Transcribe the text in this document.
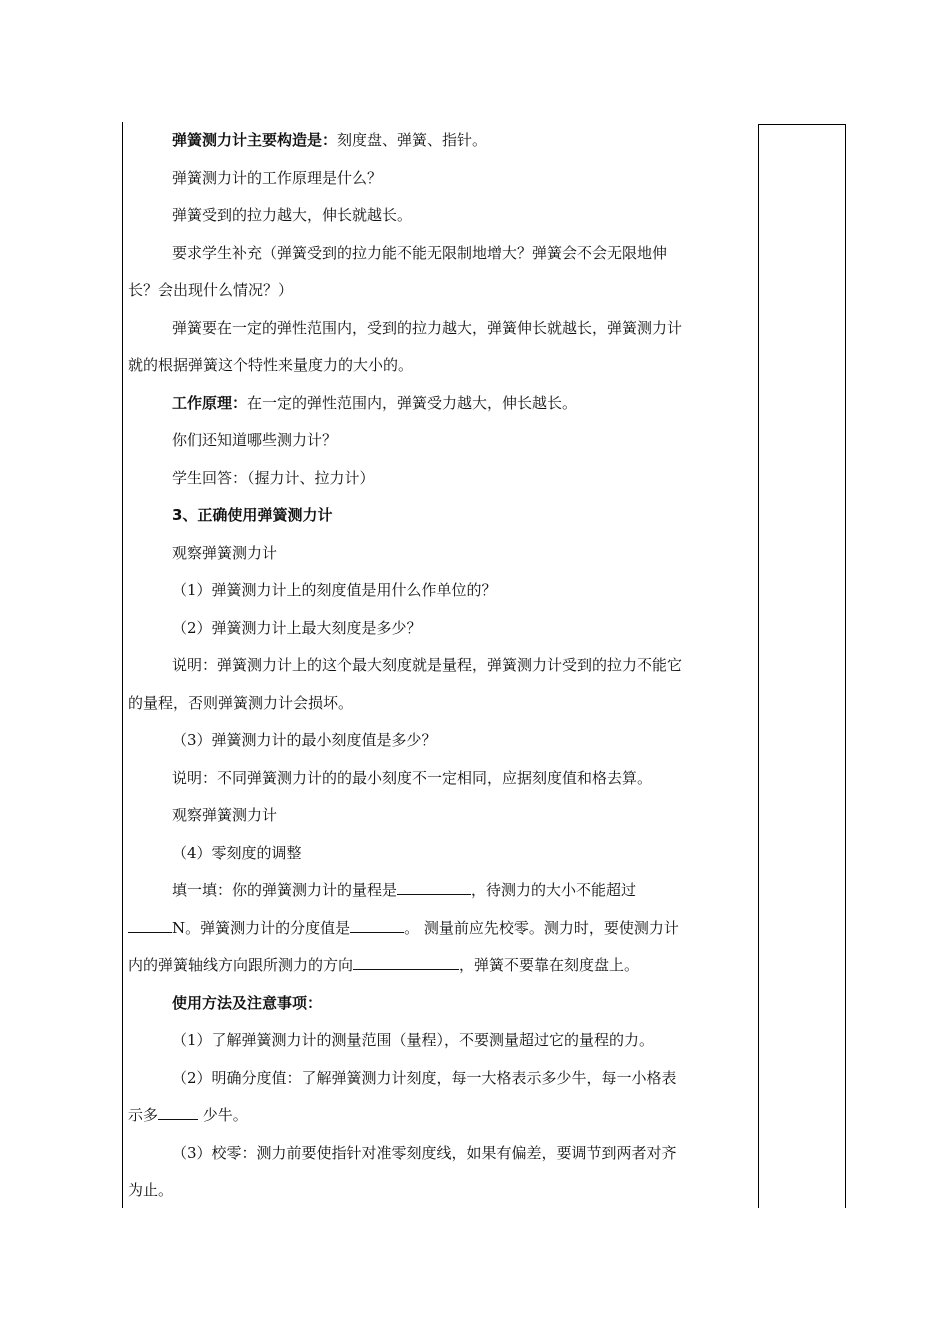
弹簧测力计主要构造是：刻度盘、弹簧、指针。

弹簧测力计的工作原理是什么？

弹簧受到的拉力越大，伸长就越长。

要求学生补充（弹簧受到的拉力能不能无限制地增大？弹簧会不会无限地伸

长？会出现什么情况？）

弹簧要在一定的弹性范围内，受到的拉力越大，弹簧伸长就越长，弹簧测力计

就的根据弹簧这个特性来量度力的大小的。

工作原理：在一定的弹性范围内，弹簧受力越大，伸长越长。

你们还知道哪些测力计？

学生回答：（握力计、拉力计）

3、正确使用弹簧测力计

观察弹簧测力计

（1）弹簧测力计上的刻度值是用什么作单位的？

（2）弹簧测力计上最大刻度是多少？

说明：弹簧测力计上的这个最大刻度就是量程，弹簧测力计受到的拉力不能它

的量程，否则弹簧测力计会损坏。

（3）弹簧测力计的最小刻度值是多少？

说明：不同弹簧测力计的的最小刻度不一定相同，应据刻度值和格去算。

观察弹簧测力计

（4）零刻度的调整

填一填：你的弹簧测力计的量程是	，待测力的大小不能超过

N。弹簧测力计的分度值是	。 测量前应先校零。测力时，要使测力计

内的弹簧轴线方向跟所测力的方向	，弹簧不要靠在刻度盘上。

使用方法及注意事项：

（1）了解弹簧测力计的测量范围（量程），不要测量超过它的量程的力。

（2）明确分度值：了解弹簧测力计刻度，每一大格表示多少牛，每一小格表

示多	少牛。

（3）校零：测力前要使指针对准零刻度线，如果有偏差，要调节到两者对齐

为止。
